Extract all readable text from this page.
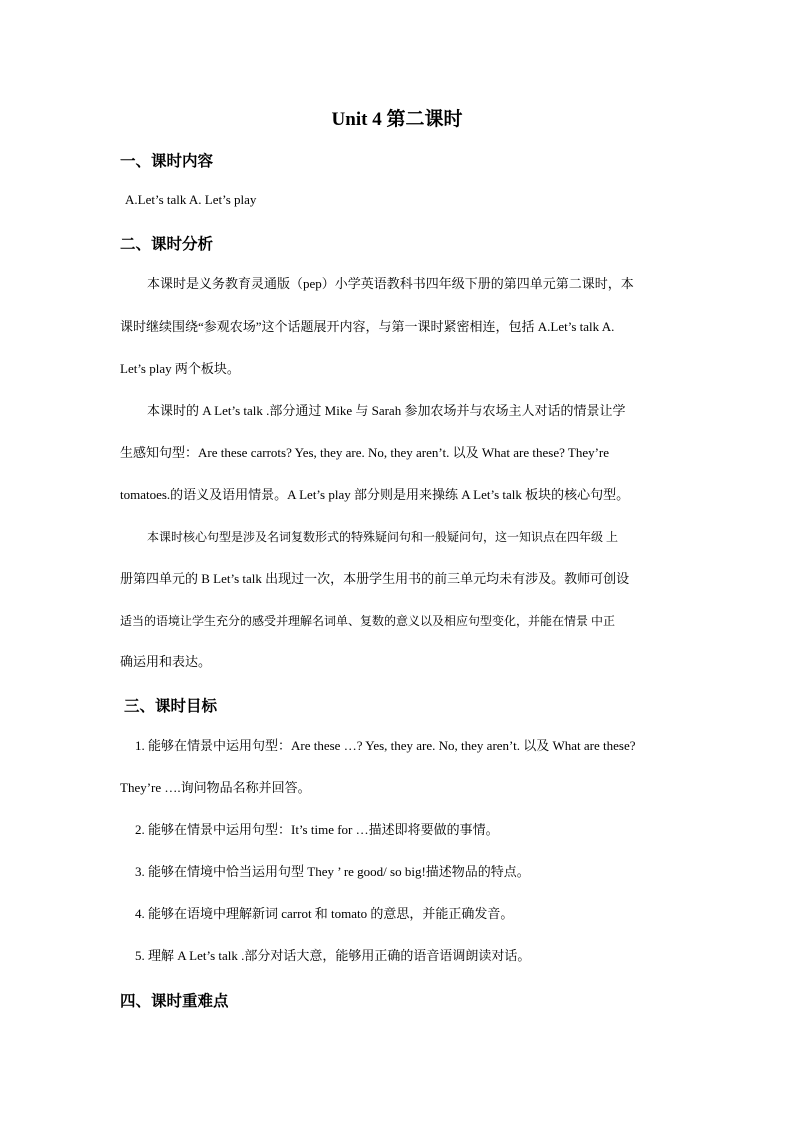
Unit 4 第二课时
一、课时内容
A.Let’s talk A. Let’s play
二、课时分析
本课时是义务教育灵通版（pep）小学英语教科书四年级下册的第四单元第二课时，本
课时继续围绕“参观农场”这个话题展开内容，与第一课时紧密相连，包括 A.Let’s talk A.
Let’s play 两个板块。
本课时的 A Let’s talk .部分通过 Mike 与 Sarah 参加农场并与农场主人对话的情景让学
生感知句型：Are these carrots? Yes, they are. No, they aren’t. 以及 What are these? They’re
tomatoes.的语义及语用情景。A Let’s play 部分则是用来操练 A Let’s talk 板块的核心句型。
本课时核心句型是涉及名词复数形式的特殊疑问句和一般疑问句，这一知识点在四年级 上
册第四单元的 B Let’s talk 出现过一次，本册学生用书的前三单元均未有涉及。教师可创设
适当的语境让学生充分的感受并理解名词单、复数的意义以及相应句型变化，并能在情景 中正
确运用和表达。
三、课时目标
1. 能够在情景中运用句型：Are these …? Yes, they are. No, they aren’t. 以及 What are these?
They’re ….询问物品名称并回答。
2. 能够在情景中运用句型：It’s time for …描述即将要做的事情。
3. 能够在情境中恰当运用句型 They ’ re good/ so big!描述物品的特点。
4. 能够在语境中理解新词 carrot 和 tomato 的意思，并能正确发音。
5. 理解 A Let’s talk .部分对话大意，能够用正确的语音语调朗读对话。
四、课时重难点
